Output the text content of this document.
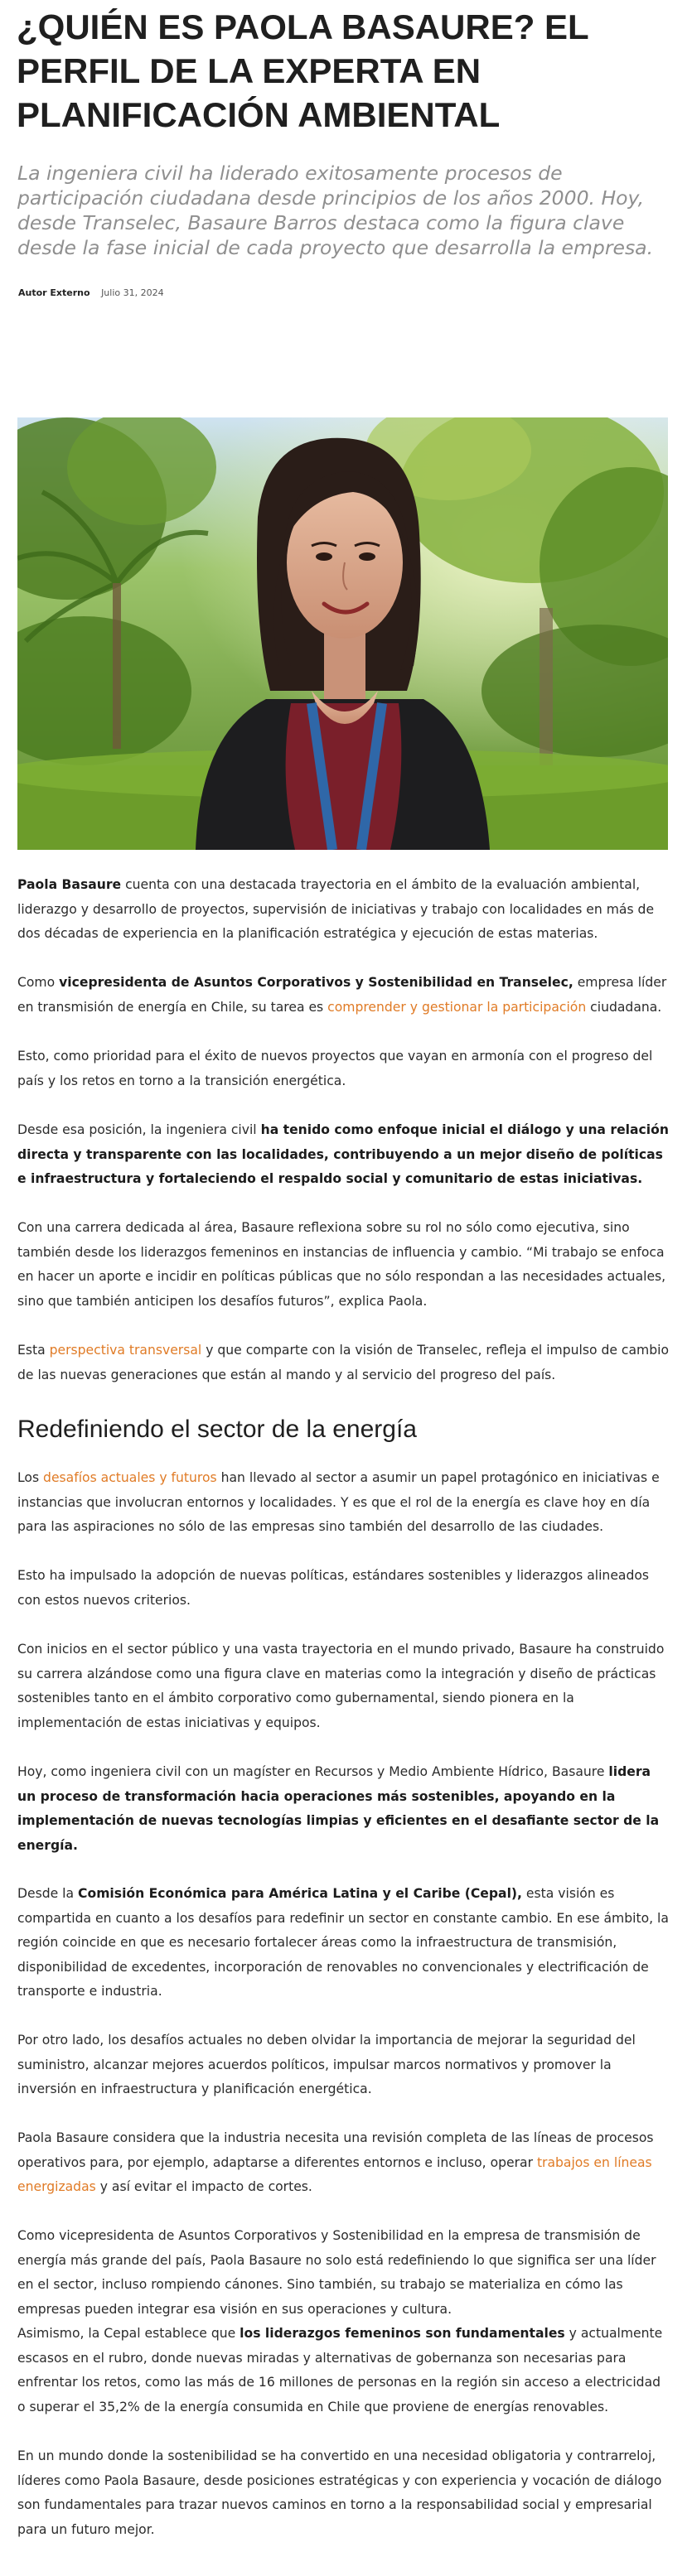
¿QUIÉN ES PAOLA BASAURE? EL PERFIL DE LA EXPERTA EN PLANIFICACIÓN AMBIENTAL

La ingeniera civil ha liderado exitosamente procesos de participación ciudadana desde principios de los años 2000. Hoy, desde Transelec, Basaure Barros destaca como la figura clave desde la fase inicial de cada proyecto que desarrolla la empresa.

Autor Externo Julio 31, 2024

Paola Basaure cuenta con una destacada trayectoria en el ámbito de la evaluación ambiental, liderazgo y desarrollo de proyectos, supervisión de iniciativas y trabajo con localidades en más de dos décadas de experiencia en la planificación estratégica y ejecución de estas materias.

Como vicepresidenta de Asuntos Corporativos y Sostenibilidad en Transelec, empresa líder en transmisión de energía en Chile, su tarea es comprender y gestionar la participación ciudadana.

Esto, como prioridad para el éxito de nuevos proyectos que vayan en armonía con el progreso del país y los retos en torno a la transición energética.

Desde esa posición, la ingeniera civil ha tenido como enfoque inicial el diálogo y una relación directa y transparente con las localidades, contribuyendo a un mejor diseño de políticas e infraestructura y fortaleciendo el respaldo social y comunitario de estas iniciativas.

Con una carrera dedicada al área, Basaure reflexiona sobre su rol no sólo como ejecutiva, sino también desde los liderazgos femeninos en instancias de influencia y cambio. “Mi trabajo se enfoca en hacer un aporte e incidir en políticas públicas que no sólo respondan a las necesidades actuales, sino que también anticipen los desafíos futuros”, explica Paola.

Esta perspectiva transversal y que comparte con la visión de Transelec, refleja el impulso de cambio de las nuevas generaciones que están al mando y al servicio del progreso del país.

Redefiniendo el sector de la energía

Los desafíos actuales y futuros han llevado al sector a asumir un papel protagónico en iniciativas e instancias que involucran entornos y localidades. Y es que el rol de la energía es clave hoy en día para las aspiraciones no sólo de las empresas sino también del desarrollo de las ciudades.

Esto ha impulsado la adopción de nuevas políticas, estándares sostenibles y liderazgos alineados con estos nuevos criterios.

Con inicios en el sector público y una vasta trayectoria en el mundo privado, Basaure ha construido su carrera alzándose como una figura clave en materias como la integración y diseño de prácticas sostenibles tanto en el ámbito corporativo como gubernamental, siendo pionera en la implementación de estas iniciativas y equipos.

Hoy, como ingeniera civil con un magíster en Recursos y Medio Ambiente Hídrico, Basaure lidera un proceso de transformación hacia operaciones más sostenibles, apoyando en la implementación de nuevas tecnologías limpias y eficientes en el desafiante sector de la energía.

Desde la Comisión Económica para América Latina y el Caribe (Cepal), esta visión es compartida en cuanto a los desafíos para redefinir un sector en constante cambio. En ese ámbito, la región coincide en que es necesario fortalecer áreas como la infraestructura de transmisión, disponibilidad de excedentes, incorporación de renovables no convencionales y electrificación de transporte e industria.

Por otro lado, los desafíos actuales no deben olvidar la importancia de mejorar la seguridad del suministro, alcanzar mejores acuerdos políticos, impulsar marcos normativos y promover la inversión en infraestructura y planificación energética.

Paola Basaure considera que la industria necesita una revisión completa de las líneas de procesos operativos para, por ejemplo, adaptarse a diferentes entornos e incluso, operar trabajos en líneas energizadas y así evitar el impacto de cortes.

Como vicepresidenta de Asuntos Corporativos y Sostenibilidad en la empresa de transmisión de energía más grande del país, Paola Basaure no solo está redefiniendo lo que significa ser una líder en el sector, incluso rompiendo cánones. Sino también, su trabajo se materializa en cómo las empresas pueden integrar esa visión en sus operaciones y cultura.

Asimismo, la Cepal establece que los liderazgos femeninos son fundamentales y actualmente escasos en el rubro, donde nuevas miradas y alternativas de gobernanza son necesarias para enfrentar los retos, como las más de 16 millones de personas en la región sin acceso a electricidad o superar el 35,2% de la energía consumida en Chile que proviene de energías renovables.

En un mundo donde la sostenibilidad se ha convertido en una necesidad obligatoria y contrarreloj, líderes como Paola Basaure, desde posiciones estratégicas y con experiencia y vocación de diálogo son fundamentales para trazar nuevos caminos en torno a la responsabilidad social y empresarial para un futuro mejor.
